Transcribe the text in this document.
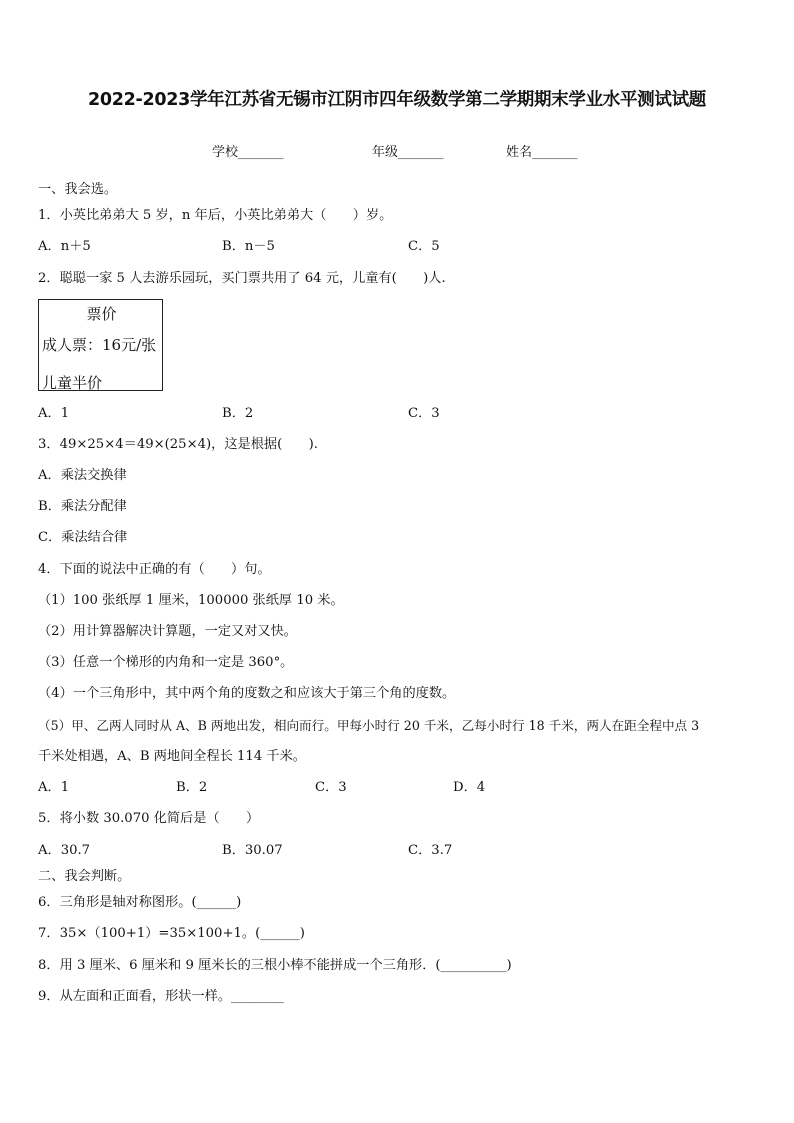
2022-2023学年江苏省无锡市江阴市四年级数学第二学期期末学业水平测试试题
学校_______	年级_______	姓名_______
一、我会选。
1．小英比弟弟大 5 岁，n 年后，小英比弟弟大（　　）岁。
A．n＋5	B．n－5	C．5
2．聪聪一家 5 人去游乐园玩，买门票共用了 64 元，儿童有(　　)人.
票价
成人票：16元/张
儿童半价
A．1	B．2	C．3
3．49×25×4＝49×(25×4)，这是根据(　　).
A．乘法交换律
B．乘法分配律
C．乘法结合律
4．下面的说法中正确的有（　　）句。
（1）100 张纸厚 1 厘米，100000 张纸厚 10 米。
（2）用计算器解决计算题，一定又对又快。
（3）任意一个梯形的内角和一定是 360°。
（4）一个三角形中，其中两个角的度数之和应该大于第三个角的度数。
（5）甲、乙两人同时从 A、B 两地出发，相向而行。甲每小时行 20 千米，乙每小时行 18 千米，两人在距全程中点 3
千米处相遇，A、B 两地间全程长 114 千米。
A．1	B．2	C．3	D．4
5．将小数 30.070 化简后是（　　）
A．30.7	B．30.07	C．3.7
二、我会判断。
6．三角形是轴对称图形。(______)
7．35×（100+1）=35×100+1。(______)
8．用 3 厘米、6 厘米和 9 厘米长的三根小棒不能拼成一个三角形．(__________)
9．从左面和正面看，形状一样。________
